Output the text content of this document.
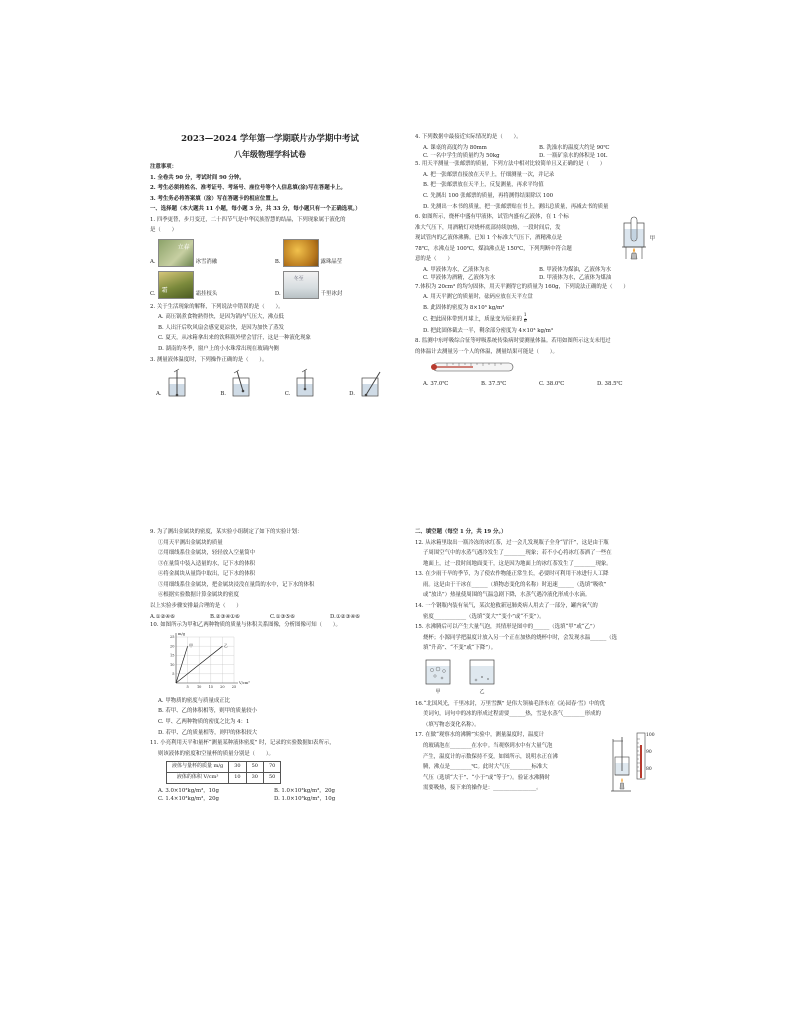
2023—2024 学年第一学期联片办学期中考试

八年级物理学科试卷

注意事项：

1. 全卷共 90 分，考试时间 90 分钟。

2. 考生必须将姓名、准考证号、考场号、座位号等个人信息填(涂)写在答题卡上。

3. 考生务必将答案填（涂）写在答题卡的相应位置上。

一、选择题（本大题共 11 小题，每小题 3 分，共 33 分，每小题只有一个正确选项。）

1. 四季更替，步月变迁，二十四节气是中华民族智慧的结晶，下列现象属于液化的

是（　　）

A.
立春
冰雪消融	B.	露珠晶莹
C. 霜	霜挂枝头	D.
冬至
千里冰封

2. 关于生活现象的解释，下列说法中错误的是（　　）。

A. 高压锅煮食物熟得快，是因为锅内气压大，沸点低

B. 人出汗后吹风扇会感觉更凉快，是因为加快了蒸发

C. 夏天，从冰箱拿出来的饮料瓶外壁会冒汗，这是一种液化现象

D. 湖南的冬季，窗户上的小水珠常出现在玻璃内侧

3. 测量液体温度时，下列操作正确的是（　　）。

A.	B.	C.	D.

4. 下列数据中最接近实际情况的是（　　）。

A. 课桌的高度约为 80mm	B. 洗澡水的温度大约是 90℃
C. 一名中学生的质量约为 50kg	D. 一瓶矿泉水的体积是 10L

5. 用天平测量一张邮票的质量，下列方法中相对比较简单且又正确的是（　　）

A. 把一张邮票直接放在天平上，仔细测量一次，并记录

B. 把一张邮票放在天平上，反复测量，再求平均值

C. 先测出 100 张邮票的质量，再将测得结果除以 100

D. 先测出一本书的质量，把一张邮票贴在书上，测出总质量，再减去书的质量

6. 如图所示，烧杯中盛有甲液体，试管内盛有乙液体，在 1 个标

准大气压下，用酒精灯对烧杯底部持续加热，一段时间后，发

现试管内的乙液体沸腾。已知 1 个标准大气压下，酒精沸点是

78℃，水沸点是 100℃，煤油沸点是 150℃，下列判断中符合题

意的是（　　）

甲
A. 甲液体为水，乙液体为水	B. 甲液体为煤油，乙液体为水
C. 甲液体为酒精，乙液体为水	D. 甲液体为水，乙液体为煤油

7.体积为 20cm³ 的均匀固体，用天平测得它的质量为 160g，下列说法正确的是（　　）

A. 用天平测它的质量时，砝码应放在天平左盘

B. 此固体的密度为 8×10³ kg/m³

C. 把此固体带到月球上，质量变为原来的 $\frac{1}{6}$

D. 把此固体截去一半，剩余部分密度为 4×10³ kg/m³

8. 监测中东呼吸综合征等呼吸系统传染病时要测量体温。若用如图所示这支未甩过

的体温计去测量另一个人的体温，测量结果可能是（　　）。

A. 37.0℃	B. 37.5℃	C. 38.0℃	D. 38.5℃

9. 为了测出金属块的密度，某实验小组制定了如下的实验计划：

①用天平测出金属块的质量

②用细线系住金属块，轻轻放入空量筒中

③在量筒中装入适量的水，记下水的体积

④将金属块从量筒中取出，记下水的体积

⑤用细线系住金属块，把金属块浸没在量筒的水中，记下水的体积

⑥根据实验数据计算金属块的密度

以上实验步骤安排最合理的是（　　）

A.①②④⑥	B.②③④①⑥	C.①③⑤⑥	D.①②③④⑥

10. 如图所示为甲和乙两种物质的质量与体积关系图像，分析图像可知（　　）。

5 10 15 20 25
5
10
15
20
25
V/cm³
m/g
甲	乙

A. 甲物质的密度与质量成正比

B. 若甲、乙的体积相等，则甲的质量较小

C. 甲、乙两种物质的密度之比为 4：1

D. 若甲、乙的质量相等，则甲的体积较大

11. 小亮利用天平和量杯“测量某种液体密度” 时，记录的实验数据如表所示，

则该液体的密度和空量杯的质量分别是（　　）。

液体与量杯的质量 m/g	30	50	70
液体的体积 V/cm³	10	30	50
A. 3.0×10³kg/m³，10g	B. 1.0×10³kg/m³，20g
C. 1.4×10³kg/m³，20g	D. 1.0×10³kg/m³，10g

二、填空题（每空 1 分，共 19 分。）

12. 从冰箱里取出一瓶冷冻的冰红茶，过一会儿发现瓶子全身“冒汗”，这是由于瓶

子周围空气中的水蒸气遇冷发生了________现象；若不小心将冰红茶洒了一些在

地面上，过一段时间地面变干，这是因为地面上的冰红茶发生了________现象。

13. 在少雨干旱的季节，为了使农作物能正常生长，必要时可利用干冰进行人工降

雨。这是由于干冰在______（填物态变化的名称）时迅速______（选填“吸收”

或“放出”）热量使周围的气温急剧下降，水蒸气遇冷液化形成小水滴。

14. 一个钢瓶内装有氧气，某次抢救新冠肺炎病人用去了一部分，罐内氧气的

密度____________（选填“变大”“变小”或“不变”）。

15. 水沸腾后可以产生大量气泡，其情形是图中的______（选填“甲”或“乙”）

烧杯；小源同学把温度计放入另一个正在加热的烧杯中时，会发现水温______（选

填“升高”、“不变”或“下降”）。

甲	乙

16.“北国风光，千里冰封，万里雪飘” 是伟大领袖毛泽东在《沁园春·雪》中的优

美词句，词句中的冰的形成过程需要______热，雪是水蒸气________形成的

（填写物态变化名称）。

17. 在做“观察水的沸腾”实验中，测量温度时，温度计

的玻璃泡在________在水中。当观察到水中有大量气泡

产生，温度计的示数保持不变，如图所示，说明水正在沸

腾，沸点是________℃。此时大气压________标准大

气压（选填“大于”、“小于”或“等于”）。验证水沸腾时

需要吸热，接下来的操作是：________________。

100
90
80
